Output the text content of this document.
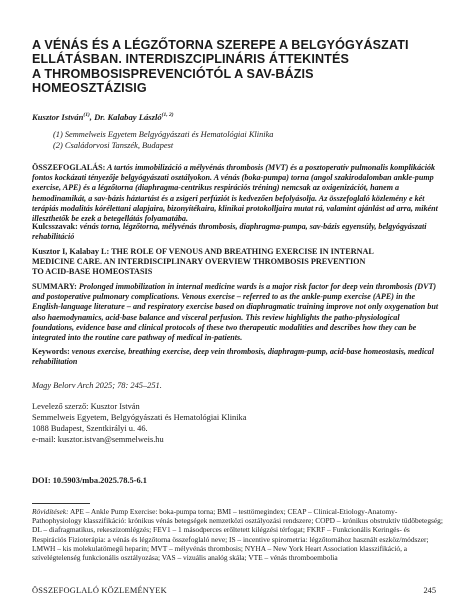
A VÉNÁS ÉS A LÉGZŐTORNA SZEREPE A BELGYÓGYÁSZATI
ELLÁTÁSBAN. INTERDISZCIPLINÁRIS ÁTTEKINTÉS
A THROMBOSISPREVENCIÓTÓL A SAV-BÁZIS
HOMEOSZTÁZISIG
Kusztor István$^{(1)}$, Dr. Kalabay László$^{(1, 2)}$
(1) Semmelweis Egyetem Belgyógyászati és Hematológiai Klinika
(2) Családorvosi Tanszék, Budapest

ÖSSZEFOGLALÁS: A tartós immobilizáció a mélyvénás thrombosis (MVT) és a posztoperatív pulmonalis komplikációk fontos kockázati tényezője belgyógyászati osztályokon. A vénás (boka-pumpa) torna (angol szakirodalomban ankle-pump exercise, APE) és a légzőtorna (diaphragma-centrikus respirációs tréning) nemcsak az oxigenizációt, hanem a hemodinamikát, a sav-bázis háztartást és a zsigeri perfúziót is kedvezően befolyásolja. Az összefoglaló közlemény e két terápiás modalitás kórélettani alapjaira, bizonyítékaira, klinikai protokolljaira mutat rá, valamint ajánlást ad arra, miként illeszthetők be ezek a betegellátás folyamatába.

Kulcsszavak: vénás torna, légzőtorna, mélyvénás thrombosis, diaphragma-pumpa, sav-bázis egyensúly, belgyógyászati rehabilitáció

Kusztor I, Kalabay L: THE ROLE OF VENOUS AND BREATHING EXERCISE IN INTERNAL
MEDICINE CARE. AN INTERDISCIPLINARY OVERVIEW THROMBOSIS PREVENTION
TO ACID-BASE HOMEOSTASIS

SUMMARY: Prolonged immobilization in internal medicine wards is a major risk factor for deep vein thrombosis (DVT) and postoperative pulmonary complications. Venous exercise – referred to as the ankle-pump exercise (APE) in the English-language literature – and respiratory exercise based on diaphragmatic training improve not only oxygenation but also haemodynamics, acid-base balance and visceral perfusion. This review highlights the patho-physiological foundations, evidence base and clinical protocols of these two therapeutic modalities and describes how they can be integrated into the routine care pathway of medical in-patients.

Keywords: venous exercise, breathing exercise, deep vein thrombosis, diaphragm-pump, acid-base homeostasis, medical rehabilitation

Magy Belorv Arch 2025; 78: 245–251.
Levelező szerző: Kusztor István
Semmelweis Egyetem, Belgyógyászati és Hematológiai Klinika
1088 Budapest, Szentkirályi u. 46.
e-mail: kusztor.istvan@semmelweis.hu
DOI: 10.5903/mba.2025.78.5-6.1

Rövidítések: APE – Ankle Pump Exercise: boka-pumpa torna; BMI – testtömegindex; CEAP – Clinical-Etiology-Anatomy-Pathophysiology klasszifikáció: krónikus vénás betegségek nemzetközi osztályozási rendszere; COPD – krónikus obstruktív tüdőbetegség; DL – diafragmatikus, rekeszizomlégzés; FEV1 – 1 másodperces erőltetett kilégzési térfogat; FKRF – Funkcionális Keringés- és Respirációs Fizioterápia: a vénás és légzőtorna összefoglaló neve; IS – incentive spirometria: légzőtornához használt eszköz/módszer; LMWH – kis molekulatömegű heparin; MVT – mélyvénás thrombosis; NYHA – New York Heart Association klasszifikáció, a szívelégtelenség funkcionális osztályozása; VAS – vizuális analóg skála; VTE – vénás thromboembolia

ÖSSZEFOGLALÓ KÖZLEMÉNYEK	245
